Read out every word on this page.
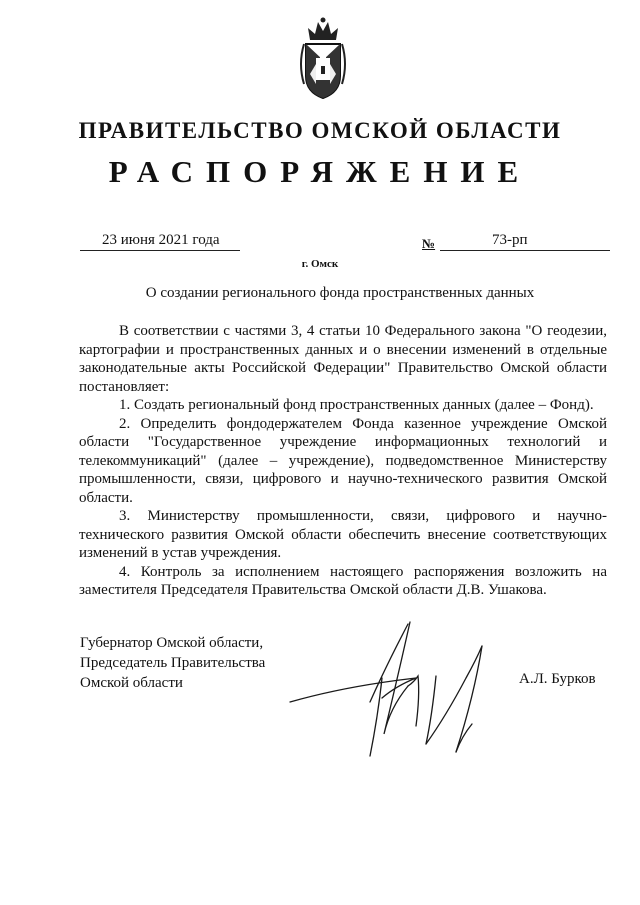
ПРАВИТЕЛЬСТВО ОМСКОЙ ОБЛАСТИ
РАСПОРЯЖЕНИЕ
23 июня 2021 года	№	73-рп
г. Омск
О создании регионального фонда пространственных данных

В соответствии с частями 3, 4 статьи 10 Федерального закона "О геодезии, картографии и пространственных данных и о внесении изменений в отдельные законодательные акты Российской Федерации" Правительство Омской области постановляет:

1. Создать региональный фонд пространственных данных (далее – Фонд).

2. Определить фондодержателем Фонда казенное учреждение Омской области "Государственное учреждение информационных технологий и телекоммуникаций" (далее – учреждение), подведомственное Министерству промышленности, связи, цифрового и научно-технического развития Омской области.

3. Министерству промышленности, связи, цифрового и научно-технического развития Омской области обеспечить внесение соответствующих изменений в устав учреждения.

4. Контроль за исполнением настоящего распоряжения возложить на заместителя Председателя Правительства Омской области Д.В. Ушакова.

Губернатор Омской области,
Председатель Правительства
Омской области	А.Л. Бурков
